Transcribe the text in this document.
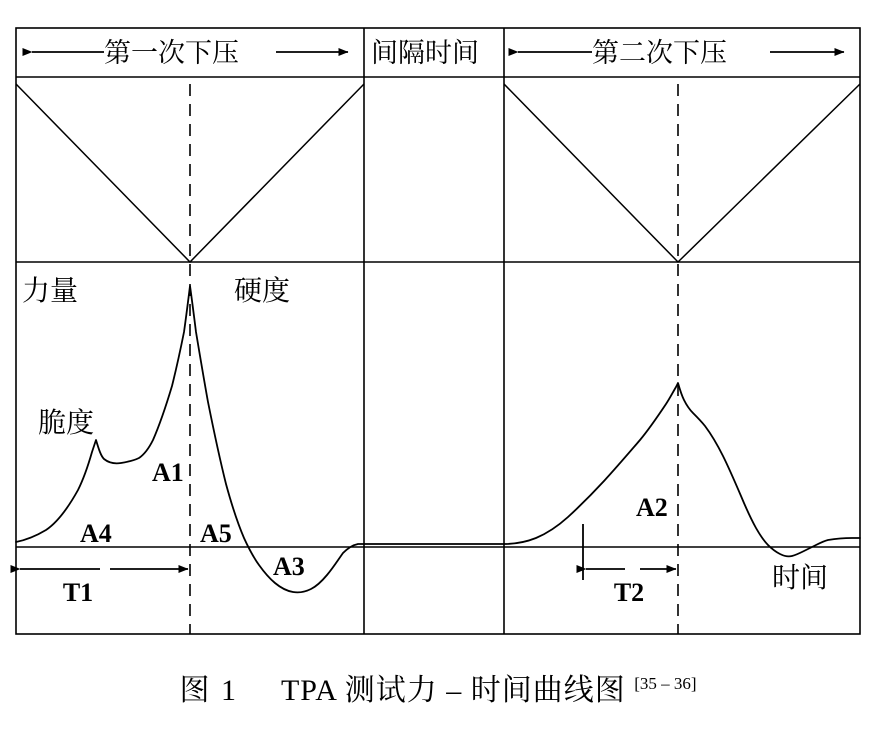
第一次下压	间隔时间	第二次下压
T1	T2
力量	硬度
脆度
A1
A4	A5
A3
A2
时间
图 1 TPA 测试力 – 时间曲线图 [35 – 36]
